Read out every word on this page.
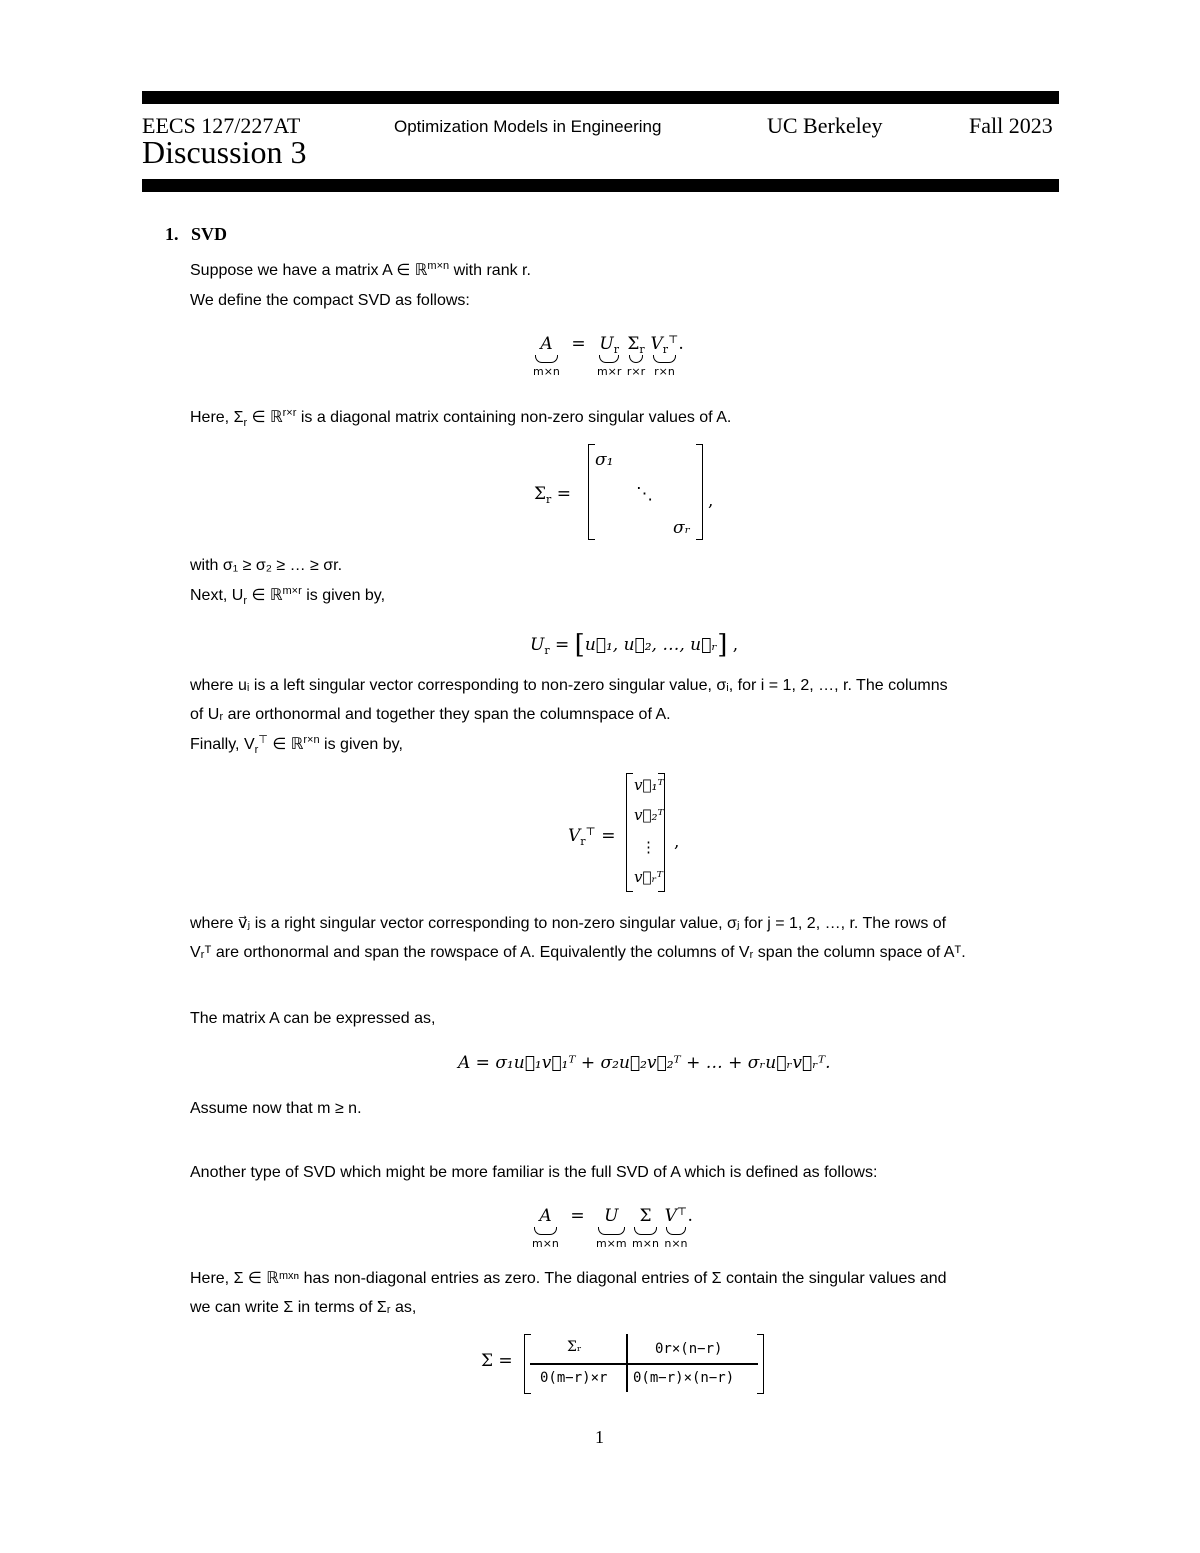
EECS 127/227AT	Optimization Models in Engineering	UC Berkeley	Fall 2023
Discussion 3
1. SVD
Suppose we have a matrix A ∈ ℝ$^{m\times n}$ with rank r.
We define the compact SVD as follows:
A
m×n
= $U_r$
m×r
$\Sigma_r$
r×r
$V_r^⊤$
r×n
.
Here, $\Sigma_r$ ∈ ℝ$^{r\times r}$ is a diagonal matrix containing non-zero singular values of A.
$\Sigma_r$ =
σ₁
⋱
σᵣ
,
with σ₁ ≥ σ₂ ≥ … ≥ σr.
Next, $U_r$ ∈ ℝ$^{m\times r}$ is given by,
$U_r$ = [u⃗₁, u⃗₂, …, u⃗ᵣ] ,
where uᵢ is a left singular vector corresponding to non-zero singular value, σᵢ, for i = 1, 2, …, r. The columns
of Uᵣ are orthonormal and together they span the columnspace of A.
Finally, $V_r^⊤$ ∈ ℝ$^{r\times n}$ is given by,
$V_r^⊤$ =
v⃗₁ᵀ
v⃗₂ᵀ
⋮
v⃗ᵣᵀ
,
where v⃗ⱼ is a right singular vector corresponding to non-zero singular value, σⱼ for j = 1, 2, …, r. The rows of
Vᵣᵀ are orthonormal and span the rowspace of A. Equivalently the columns of Vᵣ span the column space of Aᵀ.
The matrix A can be expressed as,
A = σ₁u⃗₁v⃗₁ᵀ + σ₂u⃗₂v⃗₂ᵀ + … + σᵣu⃗ᵣv⃗ᵣᵀ.
Assume now that m ≥ n.
Another type of SVD which might be more familiar is the full SVD of A which is defined as follows:
A
m×n
= U
m×m
Σ
m×n
V⊤
n×n
.
Here, Σ ∈ ℝᵐˣⁿ has non-diagonal entries as zero. The diagonal entries of Σ contain the singular values and
we can write Σ in terms of Σᵣ as,
Σ =
Σᵣ	0r×(n−r)
0(m−r)×r 0(m−r)×(n−r)
1
